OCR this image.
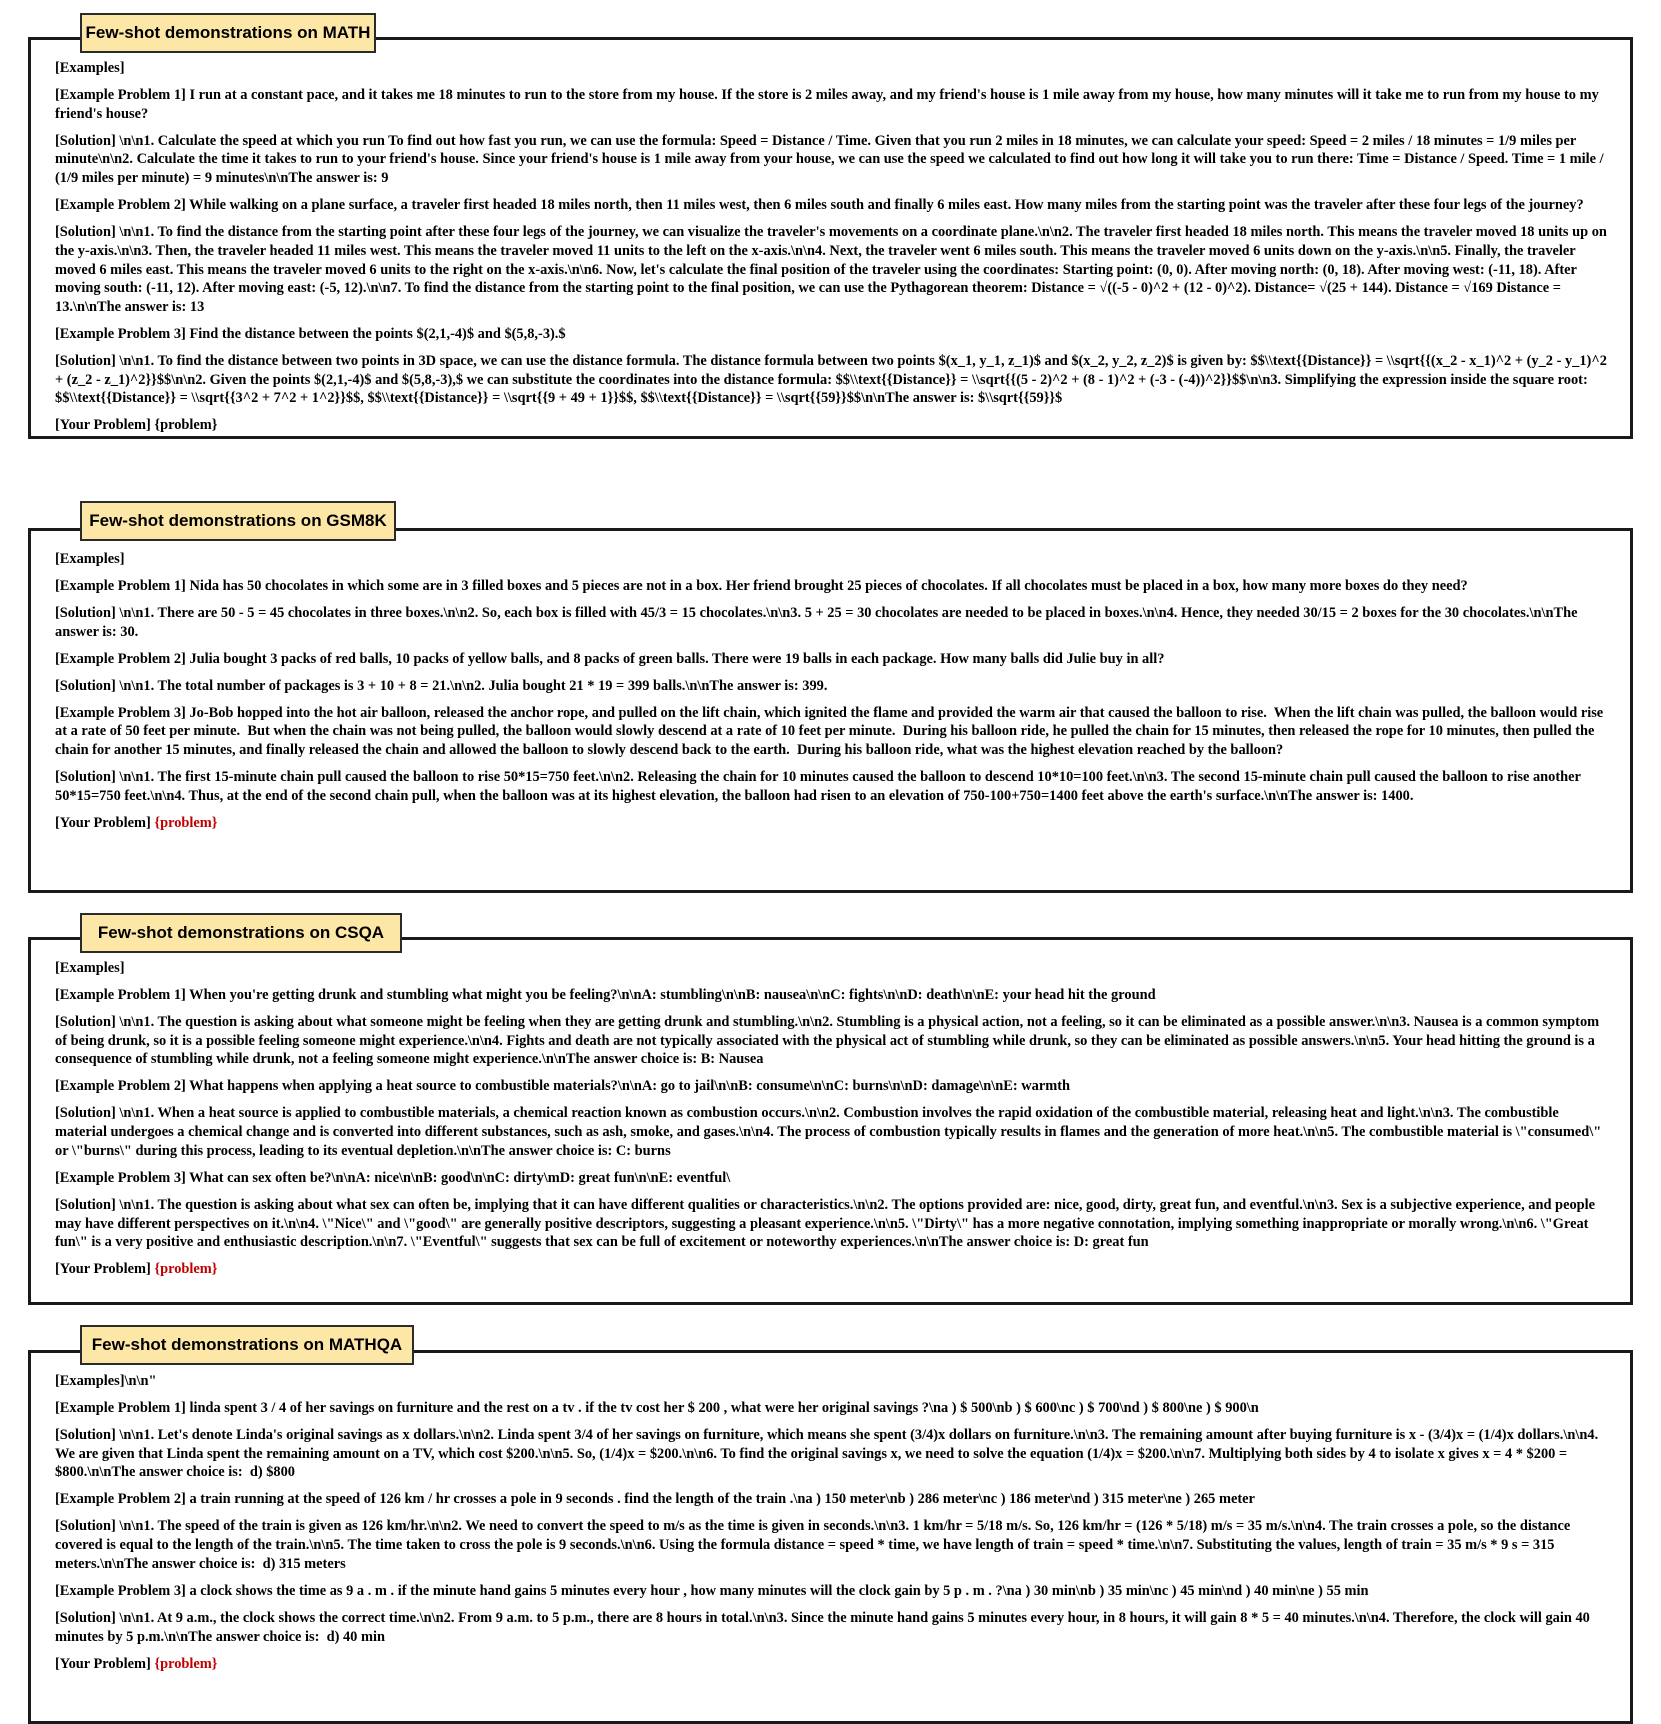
Few-shot demonstrations on MATH
[Examples]
[Example Problem 1] I run at a constant pace, and it takes me 18 minutes to run to the store from my house. If the store is 2 miles away, and my friend's house is 1 mile away from my house, how many minutes will it take me to run from my house to my friend's house?
[Solution] \n\n1. Calculate the speed at which you run To find out how fast you run, we can use the formula: Speed = Distance / Time. Given that you run 2 miles in 18 minutes, we can calculate your speed: Speed = 2 miles / 18 minutes = 1/9 miles per minute\n\n2. Calculate the time it takes to run to your friend's house. Since your friend's house is 1 mile away from your house, we can use the speed we calculated to find out how long it will take you to run there: Time = Distance / Speed. Time = 1 mile / (1/9 miles per minute) = 9 minutes\n\nThe answer is: 9
[Example Problem 2] While walking on a plane surface, a traveler first headed 18 miles north, then 11 miles west, then 6 miles south and finally 6 miles east. How many miles from the starting point was the traveler after these four legs of the journey?
[Solution] \n\n1. To find the distance from the starting point after these four legs of the journey, we can visualize the traveler's movements on a coordinate plane.\n\n2. The traveler first headed 18 miles north. This means the traveler moved 18 units up on the y-axis.\n\n3. Then, the traveler headed 11 miles west. This means the traveler moved 11 units to the left on the x-axis.\n\n4. Next, the traveler went 6 miles south. This means the traveler moved 6 units down on the y-axis.\n\n5. Finally, the traveler moved 6 miles east. This means the traveler moved 6 units to the right on the x-axis.\n\n6. Now, let's calculate the final position of the traveler using the coordinates: Starting point: (0, 0). After moving north: (0, 18). After moving west: (-11, 18). After moving south: (-11, 12). After moving east: (-5, 12).\n\n7. To find the distance from the starting point to the final position, we can use the Pythagorean theorem: Distance = √((-5 - 0)^2 + (12 - 0)^2). Distance= √(25 + 144). Distance = √169 Distance = 13.\n\nThe answer is: 13
[Example Problem 3] Find the distance between the points $(2,1,-4)$ and $(5,8,-3).$
[Solution] \n\n1. To find the distance between two points in 3D space, we can use the distance formula. The distance formula between two points $(x_1, y_1, z_1)$ and $(x_2, y_2, z_2)$ is given by: $$\\text{{Distance}} = \\sqrt{{(x_2 - x_1)^2 + (y_2 - y_1)^2 + (z_2 - z_1)^2}}$$\n\n2. Given the points $(2,1,-4)$ and $(5,8,-3),$ we can substitute the coordinates into the distance formula: $$\\text{{Distance}} = \\sqrt{{(5 - 2)^2 + (8 - 1)^2 + (-3 - (-4))^2}}$$\n\n3. Simplifying the expression inside the square root: $$\\text{{Distance}} = \\sqrt{{3^2 + 7^2 + 1^2}}$$, $$\\text{{Distance}} = \\sqrt{{9 + 49 + 1}}$$, $$\\text{{Distance}} = \\sqrt{{59}}$$\n\nThe answer is: $\\sqrt{{59}}$
[Your Problem] {problem}
Few-shot demonstrations on GSM8K
[Examples]
[Example Problem 1] Nida has 50 chocolates in which some are in 3 filled boxes and 5 pieces are not in a box. Her friend brought 25 pieces of chocolates. If all chocolates must be placed in a box, how many more boxes do they need?
[Solution] \n\n1. There are 50 - 5 = 45 chocolates in three boxes.\n\n2. So, each box is filled with 45/3 = 15 chocolates.\n\n3. 5 + 25 = 30 chocolates are needed to be placed in boxes.\n\n4. Hence, they needed 30/15 = 2 boxes for the 30 chocolates.\n\nThe answer is: 30.
[Example Problem 2] Julia bought 3 packs of red balls, 10 packs of yellow balls, and 8 packs of green balls. There were 19 balls in each package. How many balls did Julie buy in all?
[Solution] \n\n1. The total number of packages is 3 + 10 + 8 = 21.\n\n2. Julia bought 21 * 19 = 399 balls.\n\nThe answer is: 399.
[Example Problem 3] Jo-Bob hopped into the hot air balloon, released the anchor rope, and pulled on the lift chain, which ignited the flame and provided the warm air that caused the balloon to rise.  When the lift chain was pulled, the balloon would rise at a rate of 50 feet per minute.  But when the chain was not being pulled, the balloon would slowly descend at a rate of 10 feet per minute.  During his balloon ride, he pulled the chain for 15 minutes, then released the rope for 10 minutes, then pulled the chain for another 15 minutes, and finally released the chain and allowed the balloon to slowly descend back to the earth.  During his balloon ride, what was the highest elevation reached by the balloon?
[Solution] \n\n1. The first 15-minute chain pull caused the balloon to rise 50*15=750 feet.\n\n2. Releasing the chain for 10 minutes caused the balloon to descend 10*10=100 feet.\n\n3. The second 15-minute chain pull caused the balloon to rise another 50*15=750 feet.\n\n4. Thus, at the end of the second chain pull, when the balloon was at its highest elevation, the balloon had risen to an elevation of 750-100+750=1400 feet above the earth's surface.\n\nThe answer is: 1400.
[Your Problem] {problem}
Few-shot demonstrations on CSQA
[Examples]
[Example Problem 1] When you're getting drunk and stumbling what might you be feeling?\n\nA: stumbling\n\nB: nausea\n\nC: fights\n\nD: death\n\nE: your head hit the ground
[Solution] \n\n1. The question is asking about what someone might be feeling when they are getting drunk and stumbling.\n\n2. Stumbling is a physical action, not a feeling, so it can be eliminated as a possible answer.\n\n3. Nausea is a common symptom of being drunk, so it is a possible feeling someone might experience.\n\n4. Fights and death are not typically associated with the physical act of stumbling while drunk, so they can be eliminated as possible answers.\n\n5. Your head hitting the ground is a consequence of stumbling while drunk, not a feeling someone might experience.\n\nThe answer choice is: B: Nausea
[Example Problem 2] What happens when applying a heat source to combustible materials?\n\nA: go to jail\n\nB: consume\n\nC: burns\n\nD: damage\n\nE: warmth
[Solution] \n\n1. When a heat source is applied to combustible materials, a chemical reaction known as combustion occurs.\n\n2. Combustion involves the rapid oxidation of the combustible material, releasing heat and light.\n\n3. The combustible material undergoes a chemical change and is converted into different substances, such as ash, smoke, and gases.\n\n4. The process of combustion typically results in flames and the generation of more heat.\n\n5. The combustible material is \"consumed\" or \"burns\" during this process, leading to its eventual depletion.\n\nThe answer choice is: C: burns
[Example Problem 3] What can sex often be?\n\nA: nice\n\nB: good\n\nC: dirty\mD: great fun\n\nE: eventful\
[Solution] \n\n1. The question is asking about what sex can often be, implying that it can have different qualities or characteristics.\n\n2. The options provided are: nice, good, dirty, great fun, and eventful.\n\n3. Sex is a subjective experience, and people may have different perspectives on it.\n\n4. \"Nice\" and \"good\" are generally positive descriptors, suggesting a pleasant experience.\n\n5. \"Dirty\" has a more negative connotation, implying something inappropriate or morally wrong.\n\n6. \"Great fun\" is a very positive and enthusiastic description.\n\n7. \"Eventful\" suggests that sex can be full of excitement or noteworthy experiences.\n\nThe answer choice is: D: great fun
[Your Problem] {problem}
Few-shot demonstrations on MATHQA
[Examples]\n\n"
[Example Problem 1] linda spent 3 / 4 of her savings on furniture and the rest on a tv . if the tv cost her $ 200 , what were her original savings ?\na ) $ 500\nb ) $ 600\nc ) $ 700\nd ) $ 800\ne ) $ 900\n
[Solution] \n\n1. Let's denote Linda's original savings as x dollars.\n\n2. Linda spent 3/4 of her savings on furniture, which means she spent (3/4)x dollars on furniture.\n\n3. The remaining amount after buying furniture is x - (3/4)x = (1/4)x dollars.\n\n4. We are given that Linda spent the remaining amount on a TV, which cost $200.\n\n5. So, (1/4)x = $200.\n\n6. To find the original savings x, we need to solve the equation (1/4)x = $200.\n\n7. Multiplying both sides by 4 to isolate x gives x = 4 * $200 = $800.\n\nThe answer choice is:  d) $800
[Example Problem 2] a train running at the speed of 126 km / hr crosses a pole in 9 seconds . find the length of the train .\na ) 150 meter\nb ) 286 meter\nc ) 186 meter\nd ) 315 meter\ne ) 265 meter
[Solution] \n\n1. The speed of the train is given as 126 km/hr.\n\n2. We need to convert the speed to m/s as the time is given in seconds.\n\n3. 1 km/hr = 5/18 m/s. So, 126 km/hr = (126 * 5/18) m/s = 35 m/s.\n\n4. The train crosses a pole, so the distance covered is equal to the length of the train.\n\n5. The time taken to cross the pole is 9 seconds.\n\n6. Using the formula distance = speed * time, we have length of train = speed * time.\n\n7. Substituting the values, length of train = 35 m/s * 9 s = 315 meters.\n\nThe answer choice is:  d) 315 meters
[Example Problem 3] a clock shows the time as 9 a . m . if the minute hand gains 5 minutes every hour , how many minutes will the clock gain by 5 p . m . ?\na ) 30 min\nb ) 35 min\nc ) 45 min\nd ) 40 min\ne ) 55 min
[Solution] \n\n1. At 9 a.m., the clock shows the correct time.\n\n2. From 9 a.m. to 5 p.m., there are 8 hours in total.\n\n3. Since the minute hand gains 5 minutes every hour, in 8 hours, it will gain 8 * 5 = 40 minutes.\n\n4. Therefore, the clock will gain 40 minutes by 5 p.m.\n\nThe answer choice is:  d) 40 min
[Your Problem] {problem}
